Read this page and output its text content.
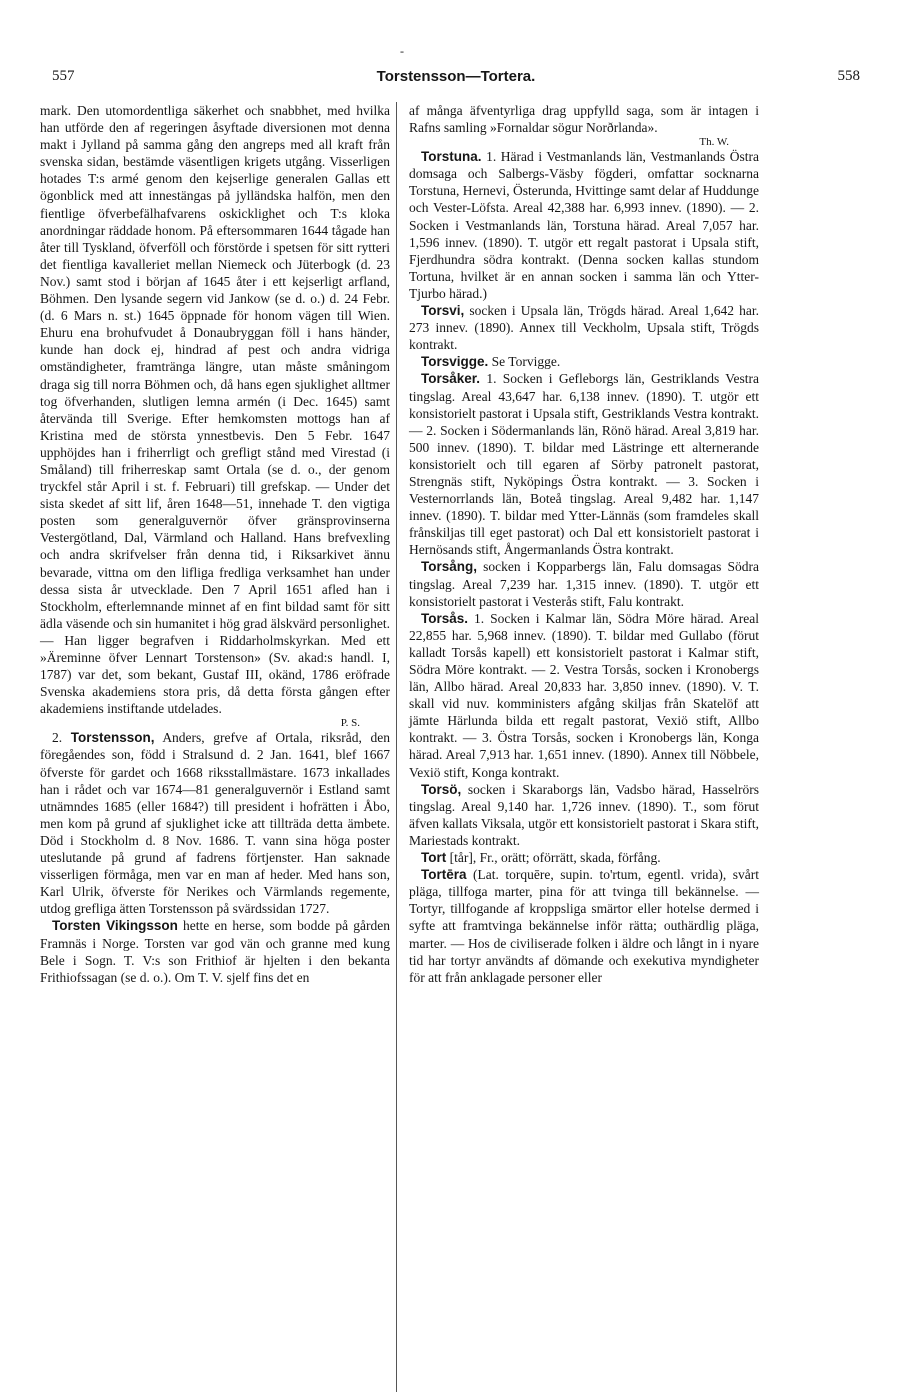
-
557	Torstensson—Tortera.	558

mark. Den utomordentliga säkerhet och snabbhet, med hvilka han utförde den af regeringen åsyftade diversionen mot denna makt i Jylland på samma gång den angreps med all kraft från svenska sidan, bestämde väsentligen krigets utgång. Visserligen hotades T:s armé genom den kejserlige generalen Gallas ett ögonblick med att innestängas på jylländska halfön, men den fientlige öfverbefälhafvarens oskicklighet och T:s kloka anordningar räddade honom. På eftersommaren 1644 tågade han åter till Tyskland, öfverföll och förstörde i spetsen för sitt rytteri det fientliga kavalleriet mellan Niemeck och Jüterbogk (d. 23 Nov.) samt stod i början af 1645 åter i ett kejserligt arfland, Böhmen. Den lysande segern vid Jankow (se d. o.) d. 24 Febr. (d. 6 Mars n. st.) 1645 öppnade för honom vägen till Wien. Ehuru ena brohufvudet å Donaubryggan föll i hans händer, kunde han dock ej, hindrad af pest och andra vidriga omständigheter, framtränga längre, utan måste småningom draga sig till norra Böhmen och, då hans egen sjuklighet alltmer tog öfverhanden, slutligen lemna armén (i Dec. 1645) samt återvända till Sverige. Efter hemkomsten mottogs han af Kristina med de största ynnestbevis. Den 5 Febr. 1647 upphöjdes han i friherrligt och grefligt stånd med Virestad (i Småland) till friherreskap samt Ortala (se d. o., der genom tryckfel står April i st. f. Februari) till grefskap. — Under det sista skedet af sitt lif, åren 1648—51, innehade T. den vigtiga posten som generalguvernör öfver gränsprovinserna Vestergötland, Dal, Värmland och Halland. Hans brefvexling och andra skrifvelser från denna tid, i Riksarkivet ännu bevarade, vittna om den lifliga fredliga verksamhet han under dessa sista år utvecklade. Den 7 April 1651 afled han i Stockholm, efterlemnande minnet af en fint bildad samt för sitt ädla väsende och sin humanitet i hög grad älskvärd personlighet. — Han ligger begrafven i Riddarholmskyrkan. Med ett »Äreminne öfver Lennart Torstenson» (Sv. akad:s handl. I, 1787) var det, som bekant, Gustaf III, okänd, 1786 eröfrade Svenska akademiens stora pris, då detta första gången efter akademiens instiftande utdelades.
P. S.

2. Torstensson, Anders, grefve af Ortala, riksråd, den föregåendes son, född i Stralsund d. 2 Jan. 1641, blef 1667 öfverste för gardet och 1668 riksstallmästare. 1673 inkallades han i rådet och var 1674—81 generalguvernör i Estland samt utnämndes 1685 (eller 1684?) till president i hofrätten i Åbo, men kom på grund af sjuklighet icke att tillträda detta ämbete. Död i Stockholm d. 8 Nov. 1686. T. vann sina höga poster uteslutande på grund af fadrens förtjenster. Han saknade visserligen förmåga, men var en man af heder. Med hans son, Karl Ulrik, öfverste för Nerikes och Värmlands regemente, utdog grefliga ätten Torstensson på svärdssidan 1727.

Torsten Vikingsson hette en herse, som bodde på gården Framnäs i Norge. Torsten var god vän och granne med kung Bele i Sogn. T. V:s son Frithiof är hjelten i den bekanta Frithiofssagan (se d. o.). Om T. V. sjelf fins det en

af många äfventyrliga drag uppfylld saga, som är intagen i Rafns samling »Fornaldar sögur Norðrlanda».
Th. W.

Torstuna. 1. Härad i Vestmanlands län, Vestmanlands Östra domsaga och Salbergs-Väsby fögderi, omfattar socknarna Torstuna, Hernevi, Österunda, Hvittinge samt delar af Huddunge och Vester-Löfsta. Areal 42,388 har. 6,993 innev. (1890). — 2. Socken i Vestmanlands län, Torstuna härad. Areal 7,057 har. 1,596 innev. (1890). T. utgör ett regalt pastorat i Upsala stift, Fjerdhundra södra kontrakt. (Denna socken kallas stundom Tortuna, hvilket är en annan socken i samma län och Ytter-Tjurbo härad.)

Torsvi, socken i Upsala län, Trögds härad. Areal 1,642 har. 273 innev. (1890). Annex till Veckholm, Upsala stift, Trögds kontrakt.

Torsvigge. Se Torvigge.

Torsåker. 1. Socken i Gefleborgs län, Gestriklands Vestra tingslag. Areal 43,647 har. 6,138 innev. (1890). T. utgör ett konsistorielt pastorat i Upsala stift, Gestriklands Vestra kontrakt. — 2. Socken i Södermanlands län, Rönö härad. Areal 3,819 har. 500 innev. (1890). T. bildar med Lästringe ett alternerande konsistorielt och till egaren af Sörby patronelt pastorat, Strengnäs stift, Nyköpings Östra kontrakt. — 3. Socken i Vesternorrlands län, Boteå tingslag. Areal 9,482 har. 1,147 innev. (1890). T. bildar med Ytter-Lännäs (som framdeles skall frånskiljas till eget pastorat) och Dal ett konsistorielt pastorat i Hernösands stift, Ångermanlands Östra kontrakt.

Torsång, socken i Kopparbergs län, Falu domsagas Södra tingslag. Areal 7,239 har. 1,315 innev. (1890). T. utgör ett konsistorielt pastorat i Vesterås stift, Falu kontrakt.

Torsås. 1. Socken i Kalmar län, Södra Möre härad. Areal 22,855 har. 5,968 innev. (1890). T. bildar med Gullabo (förut kalladt Torsås kapell) ett konsistorielt pastorat i Kalmar stift, Södra Möre kontrakt. — 2. Vestra Torsås, socken i Kronobergs län, Allbo härad. Areal 20,833 har. 3,850 innev. (1890). V. T. skall vid nuv. komministers afgång skiljas från Skatelöf att jämte Härlunda bilda ett regalt pastorat, Vexiö stift, Allbo kontrakt. — 3. Östra Torsås, socken i Kronobergs län, Konga härad. Areal 7,913 har. 1,651 innev. (1890). Annex till Nöbbele, Vexiö stift, Konga kontrakt.

Torsö, socken i Skaraborgs län, Vadsbo härad, Hasselrörs tingslag. Areal 9,140 har. 1,726 innev. (1890). T., som förut äfven kallats Viksala, utgör ett konsistorielt pastorat i Skara stift, Mariestads kontrakt.

Tort [tår], Fr., orätt; oförrätt, skada, förfång.

Tortēra (Lat. torquēre, supin. to'rtum, egentl. vrida), svårt pläga, tillfoga marter, pina för att tvinga till bekännelse. — Tortyr, tillfogande af kroppsliga smärtor eller hotelse dermed i syfte att framtvinga bekännelse inför rätta; outhärdlig pläga, marter. — Hos de civiliserade folken i äldre och långt in i nyare tid har tortyr användts af dömande och exekutiva myndigheter för att från anklagade personer eller
